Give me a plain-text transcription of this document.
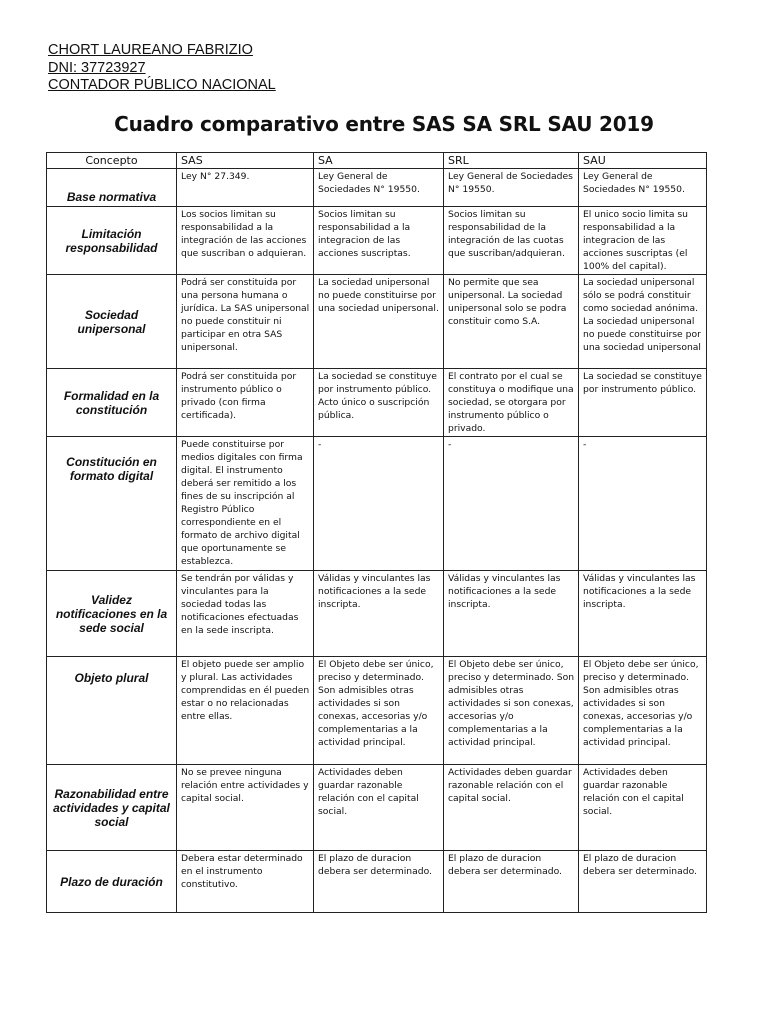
CHORT LAUREANO FABRIZIO
DNI: 37723927
CONTADOR PÚBLICO NACIONAL
Cuadro comparativo entre SAS SA SRL SAU 2019
Concepto	SAS	SA	SRL	SAU
Base normativa	Ley N° 27.349.	Ley General de Sociedades N° 19550.	Ley General de Sociedades N° 19550.	Ley General de Sociedades N° 19550.
Limitación responsabilidad	Los socios limitan su responsabilidad a la integración de las acciones que suscriban o adquieran.	Socios limitan su responsabilidad a la integracion de las acciones suscriptas.	Socios limitan su responsabilidad de la integración de las cuotas que suscriban/adquieran.	El unico socio limita su responsabilidad a la integracion de las acciones suscriptas (el 100% del capital).
Sociedad unipersonal	Podrá ser constituida por una persona humana o jurídica. La SAS unipersonal no puede constituir ni participar en otra SAS unipersonal.	La sociedad unipersonal no puede constituirse por una sociedad unipersonal.	No permite que sea unipersonal. La sociedad unipersonal solo se podra constituir como S.A.	La sociedad unipersonal sólo se podrá constituir como sociedad anónima. La sociedad unipersonal no puede constituirse por una sociedad unipersonal
Formalidad en la constitución	Podrá ser constituida por instrumento público o privado (con firma certificada).	La sociedad se constituye por instrumento público. Acto único o suscripción pública.	El contrato por el cual se constituya o modifique una sociedad, se otorgara por instrumento público o privado.	La sociedad se constituye por instrumento público.
Constitución en formato digital	Puede constituirse por medios digitales con firma digital. El instrumento deberá ser remitido a los fines de su inscripción al Registro Público correspondiente en el formato de archivo digital que oportunamente se establezca.	-	-	-
Validez notificaciones en la sede social	Se tendrán por válidas y vinculantes para la sociedad todas las notificaciones efectuadas en la sede inscripta.	Válidas y vinculantes las notificaciones a la sede inscripta.	Válidas y vinculantes las notificaciones a la sede inscripta.	Válidas y vinculantes las notificaciones a la sede inscripta.
Objeto plural	El objeto puede ser amplio y plural. Las actividades comprendidas en él pueden estar o no relacionadas entre ellas.	El Objeto debe ser único, preciso y determinado. Son admisibles otras actividades si son conexas, accesorias y/o complementarias a la actividad principal.	El Objeto debe ser único, preciso y determinado. Son admisibles otras actividades si son conexas, accesorias y/o complementarias a la actividad principal.	El Objeto debe ser único, preciso y determinado. Son admisibles otras actividades si son conexas, accesorias y/o complementarias a la actividad principal.
Razonabilidad entre actividades y capital social	No se prevee ninguna relación entre actividades y capital social.	Actividades deben guardar razonable relación con el capital social.	Actividades deben guardar razonable relación con el capital social.	Actividades deben guardar razonable relación con el capital social.
Plazo de duración	Debera estar determinado en el instrumento constitutivo.	El plazo de duracion debera ser determinado.	El plazo de duracion debera ser determinado.	El plazo de duracion debera ser determinado.
